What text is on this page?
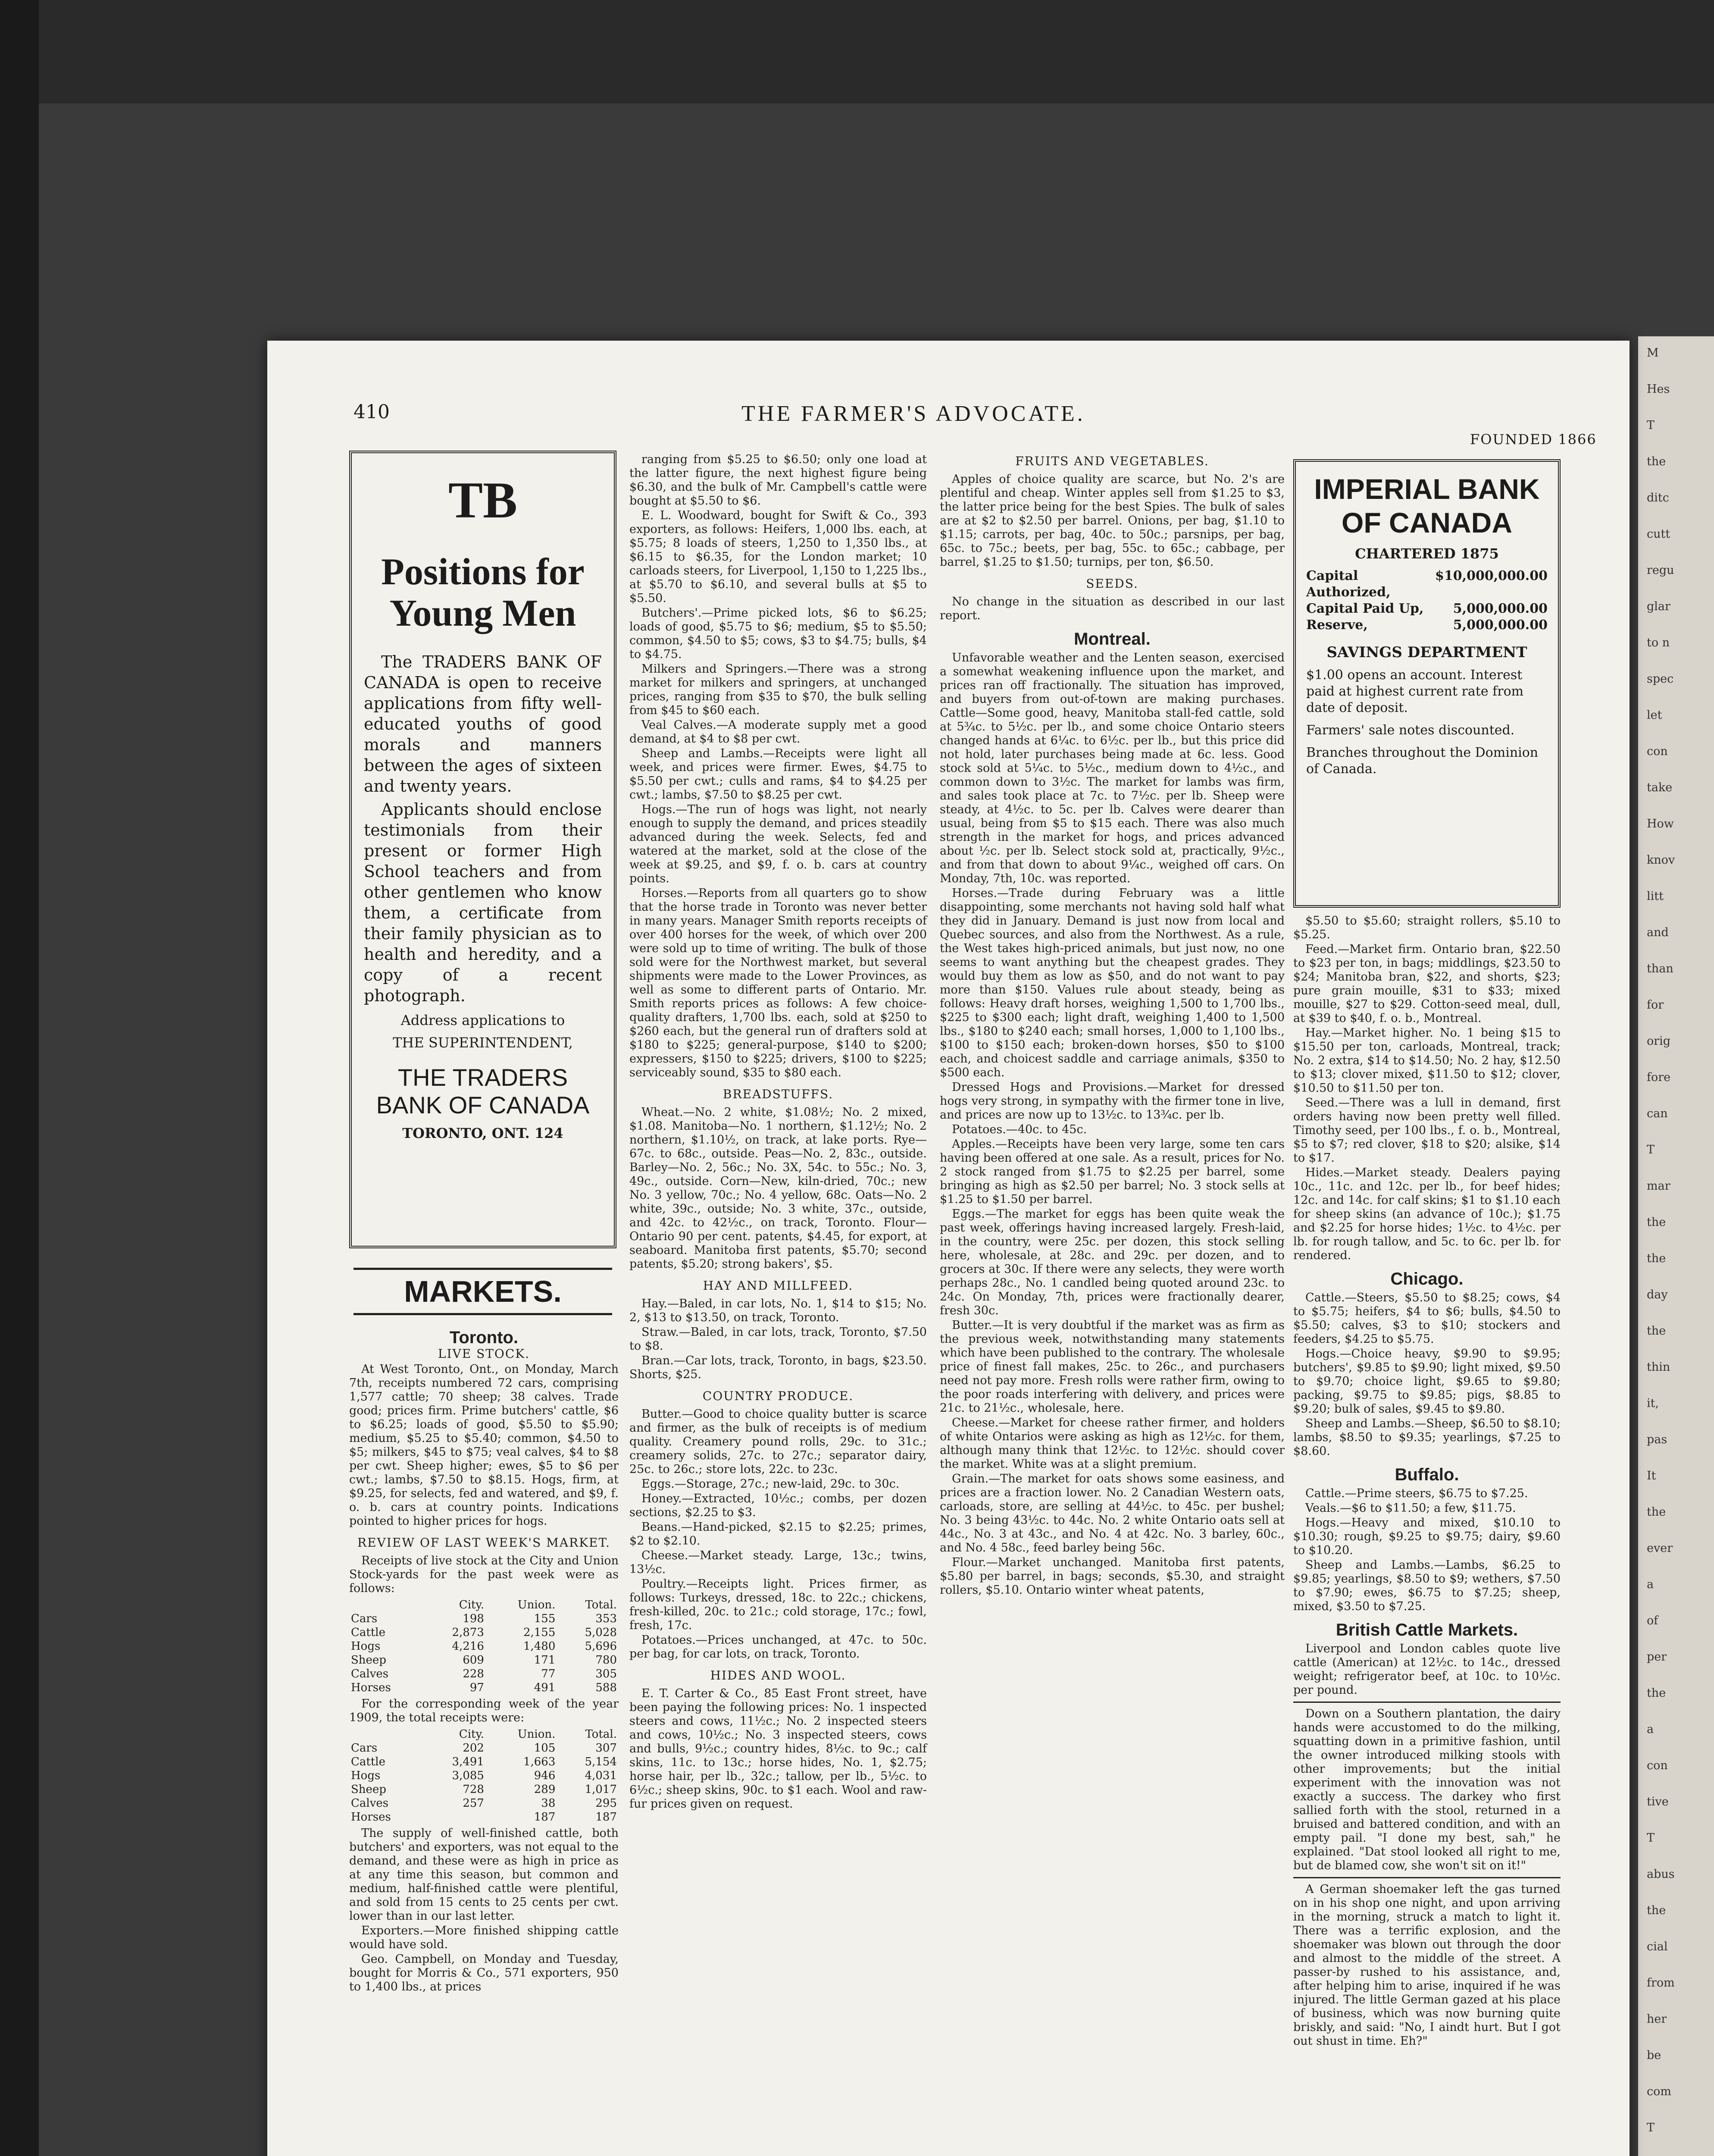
M
Hes
T
the
ditc
cutt
regu
glar
to n
spec
let
con
take
How
knov
litt
and
than
for
orig
fore
can
T
mar
the
the
day
the
thin
it,
pas
It
the
ever
a
of
per
the
a
con
tive
T
abus
the
cial
from
her
be
com
T
410	THE FARMER'S ADVOCATE.
FOUNDED 1866
TB
Positions for Young Men

The TRADERS BANK OF CANADA is open to receive applications from fifty well-educated youths of good morals and manners between the ages of sixteen and twenty years.

Applicants should enclose testimonials from their present or former High School teachers and from other gentlemen who know them, a certificate from their family physician as to health and heredity, and a copy of a recent photograph.

Address applications to
THE SUPERINTENDENT,
THE TRADERS BANK OF CANADA
TORONTO, ONT. 124
MARKETS.
Toronto.
LIVE STOCK.

At West Toronto, Ont., on Monday, March 7th, receipts numbered 72 cars, comprising 1,577 cattle; 70 sheep; 38 calves. Trade good; prices firm. Prime butchers' cattle, $6 to $6.25; loads of good, $5.50 to $5.90; medium, $5.25 to $5.40; common, $4.50 to $5; milkers, $45 to $75; veal calves, $4 to $8 per cwt. Sheep higher; ewes, $5 to $6 per cwt.; lambs, $7.50 to $8.15. Hogs, firm, at $9.25, for selects, fed and watered, and $9, f. o. b. cars at country points. Indications pointed to higher prices for hogs.

REVIEW OF LAST WEEK'S MARKET.

Receipts of live stock at the City and Union Stock-yards for the past week were as follows:

	City.	Union.	Total.
Cars	198	155	353
Cattle	2,873	2,155	5,028
Hogs	4,216	1,480	5,696
Sheep	609	171	780
Calves	228	77	305
Horses	97	491	588

For the corresponding week of the year 1909, the total receipts were:

	City.	Union.	Total.
Cars	202	105	307
Cattle	3,491	1,663	5,154
Hogs	3,085	946	4,031
Sheep	728	289	1,017
Calves	257	38	295
Horses		187	187

The supply of well-finished cattle, both butchers' and exporters, was not equal to the demand, and these were as high in price as at any time this season, but common and medium, half-finished cattle were plentiful, and sold from 15 cents to 25 cents per cwt. lower than in our last letter.

Exporters.—More finished shipping cattle would have sold.

Geo. Campbell, on Monday and Tuesday, bought for Morris & Co., 571 exporters, 950 to 1,400 lbs., at prices

ranging from $5.25 to $6.50; only one load at the latter figure, the next highest figure being $6.30, and the bulk of Mr. Campbell's cattle were bought at $5.50 to $6.

E. L. Woodward, bought for Swift & Co., 393 exporters, as follows: Heifers, 1,000 lbs. each, at $5.75; 8 loads of steers, 1,250 to 1,350 lbs., at $6.15 to $6.35, for the London market; 10 carloads steers, for Liverpool, 1,150 to 1,225 lbs., at $5.70 to $6.10, and several bulls at $5 to $5.50.

Butchers'.—Prime picked lots, $6 to $6.25; loads of good, $5.75 to $6; medium, $5 to $5.50; common, $4.50 to $5; cows, $3 to $4.75; bulls, $4 to $4.75.

Milkers and Springers.—There was a strong market for milkers and springers, at unchanged prices, ranging from $35 to $70, the bulk selling from $45 to $60 each.

Veal Calves.—A moderate supply met a good demand, at $4 to $8 per cwt.

Sheep and Lambs.—Receipts were light all week, and prices were firmer. Ewes, $4.75 to $5.50 per cwt.; culls and rams, $4 to $4.25 per cwt.; lambs, $7.50 to $8.25 per cwt.

Hogs.—The run of hogs was light, not nearly enough to supply the demand, and prices steadily advanced during the week. Selects, fed and watered at the market, sold at the close of the week at $9.25, and $9, f. o. b. cars at country points.

Horses.—Reports from all quarters go to show that the horse trade in Toronto was never better in many years. Manager Smith reports receipts of over 400 horses for the week, of which over 200 were sold up to time of writing. The bulk of those sold were for the Northwest market, but several shipments were made to the Lower Provinces, as well as some to different parts of Ontario. Mr. Smith reports prices as follows: A few choice-quality drafters, 1,700 lbs. each, sold at $250 to $260 each, but the general run of drafters sold at $180 to $225; general-purpose, $140 to $200; expressers, $150 to $225; drivers, $100 to $225; serviceably sound, $35 to $80 each.

BREADSTUFFS.

Wheat.—No. 2 white, $1.08½; No. 2 mixed, $1.08. Manitoba—No. 1 northern, $1.12½; No. 2 northern, $1.10½, on track, at lake ports. Rye—67c. to 68c., outside. Peas—No. 2, 83c., outside. Barley—No. 2, 56c.; No. 3X, 54c. to 55c.; No. 3, 49c., outside. Corn—New, kiln-dried, 70c.; new No. 3 yellow, 70c.; No. 4 yellow, 68c. Oats—No. 2 white, 39c., outside; No. 3 white, 37c., outside, and 42c. to 42½c., on track, Toronto. Flour—Ontario 90 per cent. patents, $4.45, for export, at seaboard. Manitoba first patents, $5.70; second patents, $5.20; strong bakers', $5.

HAY AND MILLFEED.

Hay.—Baled, in car lots, No. 1, $14 to $15; No. 2, $13 to $13.50, on track, Toronto.

Straw.—Baled, in car lots, track, Toronto, $7.50 to $8.

Bran.—Car lots, track, Toronto, in bags, $23.50. Shorts, $25.

COUNTRY PRODUCE.

Butter.—Good to choice quality butter is scarce and firmer, as the bulk of receipts is of medium quality. Creamery pound rolls, 29c. to 31c.; creamery solids, 27c. to 27c.; separator dairy, 25c. to 26c.; store lots, 22c. to 23c.

Eggs.—Storage, 27c.; new-laid, 29c. to 30c.

Honey.—Extracted, 10½c.; combs, per dozen sections, $2.25 to $3.

Beans.—Hand-picked, $2.15 to $2.25; primes, $2 to $2.10.

Cheese.—Market steady. Large, 13c.; twins, 13½c.

Poultry.—Receipts light. Prices firmer, as follows: Turkeys, dressed, 18c. to 22c.; chickens, fresh-killed, 20c. to 21c.; cold storage, 17c.; fowl, fresh, 17c.

Potatoes.—Prices unchanged, at 47c. to 50c. per bag, for car lots, on track, Toronto.

HIDES AND WOOL.

E. T. Carter & Co., 85 East Front street, have been paying the following prices: No. 1 inspected steers and cows, 11½c.; No. 2 inspected steers and cows, 10½c.; No. 3 inspected steers, cows and bulls, 9½c.; country hides, 8½c. to 9c.; calf skins, 11c. to 13c.; horse hides, No. 1, $2.75; horse hair, per lb., 32c.; tallow, per lb., 5½c. to 6½c.; sheep skins, 90c. to $1 each. Wool and raw-fur prices given on request.

FRUITS AND VEGETABLES.

Apples of choice quality are scarce, but No. 2's are plentiful and cheap. Winter apples sell from $1.25 to $3, the latter price being for the best Spies. The bulk of sales are at $2 to $2.50 per barrel. Onions, per bag, $1.10 to $1.15; carrots, per bag, 40c. to 50c.; parsnips, per bag, 65c. to 75c.; beets, per bag, 55c. to 65c.; cabbage, per barrel, $1.25 to $1.50; turnips, per ton, $6.50.

SEEDS.

No change in the situation as described in our last report.

Montreal.

Unfavorable weather and the Lenten season, exercised a somewhat weakening influence upon the market, and prices ran off fractionally. The situation has improved, and buyers from out-of-town are making purchases. Cattle—Some good, heavy, Manitoba stall-fed cattle, sold at 5¾c. to 5½c. per lb., and some choice Ontario steers changed hands at 6¼c. to 6½c. per lb., but this price did not hold, later purchases being made at 6c. less. Good stock sold at 5¼c. to 5½c., medium down to 4½c., and common down to 3½c. The market for lambs was firm, and sales took place at 7c. to 7½c. per lb. Sheep were steady, at 4½c. to 5c. per lb. Calves were dearer than usual, being from $5 to $15 each. There was also much strength in the market for hogs, and prices advanced about ½c. per lb. Select stock sold at, practically, 9½c., and from that down to about 9¼c., weighed off cars. On Monday, 7th, 10c. was reported.

Horses.—Trade during February was a little disappointing, some merchants not having sold half what they did in January. Demand is just now from local and Quebec sources, and also from the Northwest. As a rule, the West takes high-priced animals, but just now, no one seems to want anything but the cheapest grades. They would buy them as low as $50, and do not want to pay more than $150. Values rule about steady, being as follows: Heavy draft horses, weighing 1,500 to 1,700 lbs., $225 to $300 each; light draft, weighing 1,400 to 1,500 lbs., $180 to $240 each; small horses, 1,000 to 1,100 lbs., $100 to $150 each; broken-down horses, $50 to $100 each, and choicest saddle and carriage animals, $350 to $500 each.

Dressed Hogs and Provisions.—Market for dressed hogs very strong, in sympathy with the firmer tone in live, and prices are now up to 13½c. to 13¾c. per lb.

Potatoes.—40c. to 45c.

Apples.—Receipts have been very large, some ten cars having been offered at one sale. As a result, prices for No. 2 stock ranged from $1.75 to $2.25 per barrel, some bringing as high as $2.50 per barrel; No. 3 stock sells at $1.25 to $1.50 per barrel.

Eggs.—The market for eggs has been quite weak the past week, offerings having increased largely. Fresh-laid, in the country, were 25c. per dozen, this stock selling here, wholesale, at 28c. and 29c. per dozen, and to grocers at 30c. If there were any selects, they were worth perhaps 28c., No. 1 candled being quoted around 23c. to 24c. On Monday, 7th, prices were fractionally dearer, fresh 30c.

Butter.—It is very doubtful if the market was as firm as the previous week, notwithstanding many statements which have been published to the contrary. The wholesale price of finest fall makes, 25c. to 26c., and purchasers need not pay more. Fresh rolls were rather firm, owing to the poor roads interfering with delivery, and prices were 21c. to 21½c., wholesale, here.

Cheese.—Market for cheese rather firmer, and holders of white Ontarios were asking as high as 12½c. for them, although many think that 12½c. to 12½c. should cover the market. White was at a slight premium.

Grain.—The market for oats shows some easiness, and prices are a fraction lower. No. 2 Canadian Western oats, carloads, store, are selling at 44½c. to 45c. per bushel; No. 3 being 43½c. to 44c. No. 2 white Ontario oats sell at 44c., No. 3 at 43c., and No. 4 at 42c. No. 3 barley, 60c., and No. 4 58c., feed barley being 56c.

Flour.—Market unchanged. Manitoba first patents, $5.80 per barrel, in bags; seconds, $5.30, and straight rollers, $5.10. Ontario winter wheat patents,

IMPERIAL BANK OF CANADA
CHARTERED 1875
Capital Authorized,
$10,000,000.00
Capital Paid Up, 5,000,000.00
Reserve,	5,000,000.00
SAVINGS DEPARTMENT
$1.00 opens an account. Interest paid at highest current rate from date of deposit.
Farmers' sale notes discounted.
Branches throughout the Dominion of Canada.

$5.50 to $5.60; straight rollers, $5.10 to $5.25.

Feed.—Market firm. Ontario bran, $22.50 to $23 per ton, in bags; middlings, $23.50 to $24; Manitoba bran, $22, and shorts, $23; pure grain mouille, $31 to $33; mixed mouille, $27 to $29. Cotton-seed meal, dull, at $39 to $40, f. o. b., Montreal.

Hay.—Market higher. No. 1 being $15 to $15.50 per ton, carloads, Montreal, track; No. 2 extra, $14 to $14.50; No. 2 hay, $12.50 to $13; clover mixed, $11.50 to $12; clover, $10.50 to $11.50 per ton.

Seed.—There was a lull in demand, first orders having now been pretty well filled. Timothy seed, per 100 lbs., f. o. b., Montreal, $5 to $7; red clover, $18 to $20; alsike, $14 to $17.

Hides.—Market steady. Dealers paying 10c., 11c. and 12c. per lb., for beef hides; 12c. and 14c. for calf skins; $1 to $1.10 each for sheep skins (an advance of 10c.); $1.75 and $2.25 for horse hides; 1½c. to 4½c. per lb. for rough tallow, and 5c. to 6c. per lb. for rendered.

Chicago.

Cattle.—Steers, $5.50 to $8.25; cows, $4 to $5.75; heifers, $4 to $6; bulls, $4.50 to $5.50; calves, $3 to $10; stockers and feeders, $4.25 to $5.75.

Hogs.—Choice heavy, $9.90 to $9.95; butchers', $9.85 to $9.90; light mixed, $9.50 to $9.70; choice light, $9.65 to $9.80; packing, $9.75 to $9.85; pigs, $8.85 to $9.20; bulk of sales, $9.45 to $9.80.

Sheep and Lambs.—Sheep, $6.50 to $8.10; lambs, $8.50 to $9.35; yearlings, $7.25 to $8.60.

Buffalo.

Cattle.—Prime steers, $6.75 to $7.25.

Veals.—$6 to $11.50; a few, $11.75.

Hogs.—Heavy and mixed, $10.10 to $10.30; rough, $9.25 to $9.75; dairy, $9.60 to $10.20.

Sheep and Lambs.—Lambs, $6.25 to $9.85; yearlings, $8.50 to $9; wethers, $7.50 to $7.90; ewes, $6.75 to $7.25; sheep, mixed, $3.50 to $7.25.

British Cattle Markets.

Liverpool and London cables quote live cattle (American) at 12½c. to 14c., dressed weight; refrigerator beef, at 10c. to 10½c. per pound.

Down on a Southern plantation, the dairy hands were accustomed to do the milking, squatting down in a primitive fashion, until the owner introduced milking stools with other improvements; but the initial experiment with the innovation was not exactly a success. The darkey who first sallied forth with the stool, returned in a bruised and battered condition, and with an empty pail. "I done my best, sah," he explained. "Dat stool looked all right to me, but de blamed cow, she won't sit on it!"

A German shoemaker left the gas turned on in his shop one night, and upon arriving in the morning, struck a match to light it. There was a terrific explosion, and the shoemaker was blown out through the door and almost to the middle of the street. A passer-by rushed to his assistance, and, after helping him to arise, inquired if he was injured. The little German gazed at his place of business, which was now burning quite briskly, and said: "No, I aindt hurt. But I got out shust in time. Eh?"
